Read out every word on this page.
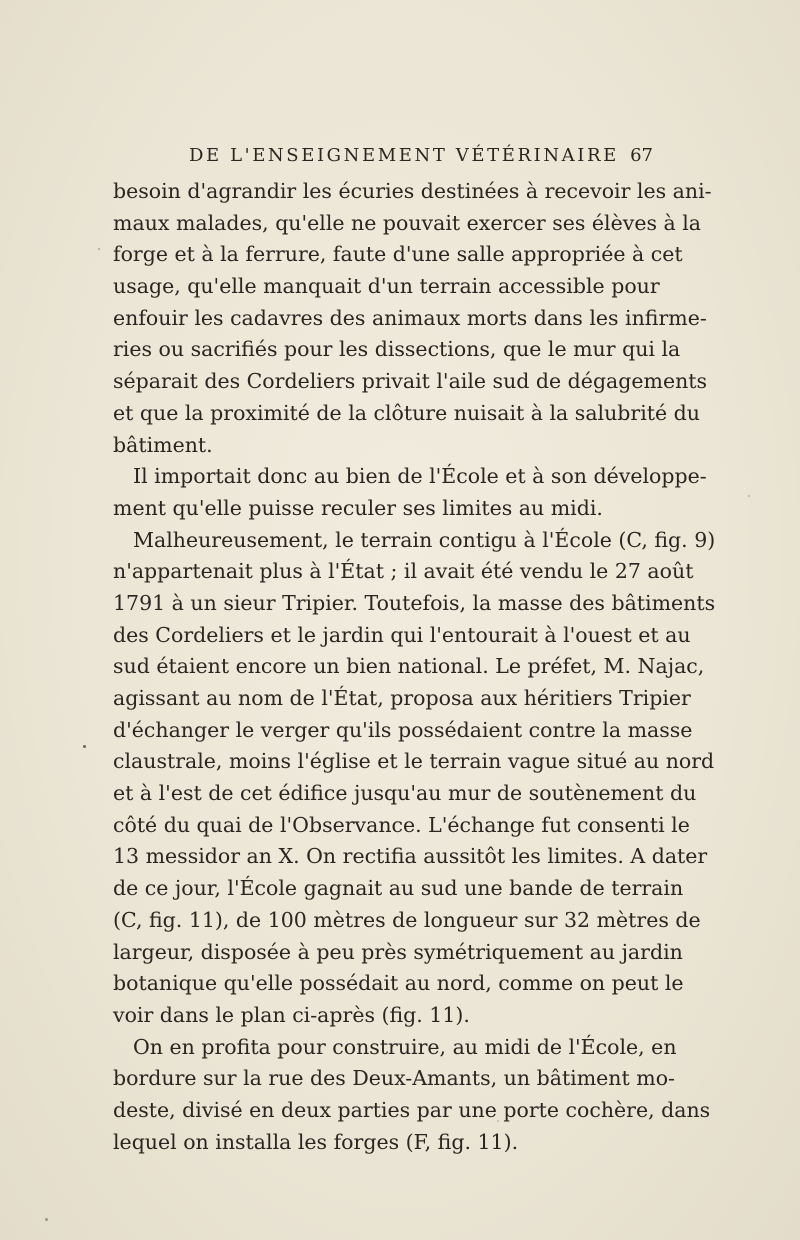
DE L'ENSEIGNEMENT VÉTÉRINAIRE 67
besoin d'agrandir les écuries destinées à recevoir les ani-
maux malades, qu'elle ne pouvait exercer ses élèves à la
forge et à la ferrure, faute d'une salle appropriée à cet
usage, qu'elle manquait d'un terrain accessible pour
enfouir les cadavres des animaux morts dans les infirme-
ries ou sacrifiés pour les dissections, que le mur qui la
séparait des Cordeliers privait l'aile sud de dégagements
et que la proximité de la clôture nuisait à la salubrité du
bâtiment.
Il importait donc au bien de l'École et à son développe-
ment qu'elle puisse reculer ses limites au midi.
Malheureusement, le terrain contigu à l'École (C, fig. 9)
n'appartenait plus à l'État ; il avait été vendu le 27 août
1791 à un sieur Tripier. Toutefois, la masse des bâtiments
des Cordeliers et le jardin qui l'entourait à l'ouest et au
sud étaient encore un bien national. Le préfet, M. Najac,
agissant au nom de l'État, proposa aux héritiers Tripier
d'échanger le verger qu'ils possédaient contre la masse
claustrale, moins l'église et le terrain vague situé au nord
et à l'est de cet édifice jusqu'au mur de soutènement du
côté du quai de l'Observance. L'échange fut consenti le
13 messidor an X. On rectifia aussitôt les limites. A dater
de ce jour, l'École gagnait au sud une bande de terrain
(C, fig. 11), de 100 mètres de longueur sur 32 mètres de
largeur, disposée à peu près symétriquement au jardin
botanique qu'elle possédait au nord, comme on peut le
voir dans le plan ci-après (fig. 11).
On en profita pour construire, au midi de l'École, en
bordure sur la rue des Deux-Amants, un bâtiment mo-
deste, divisé en deux parties par une porte cochère, dans
lequel on installa les forges (F, fig. 11).
